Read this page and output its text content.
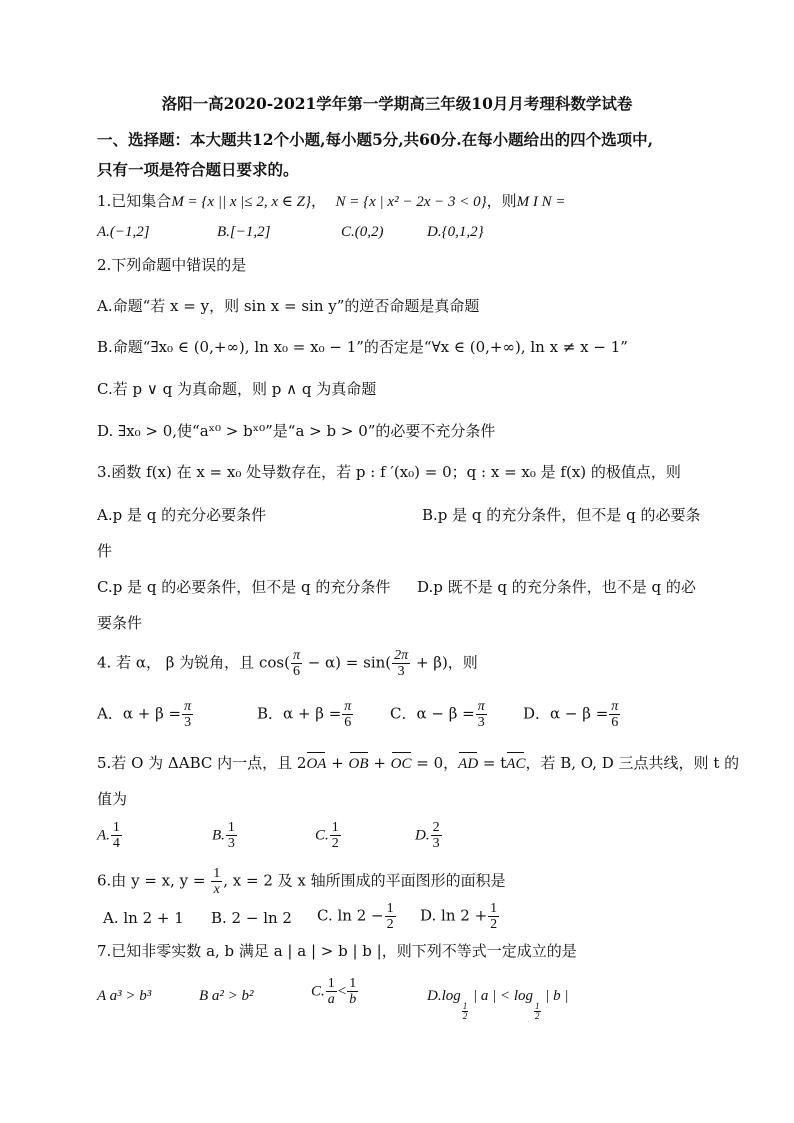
洛阳一高2020-2021学年第一学期高三年级10月月考理科数学试卷
一、选择题：本大题共12个小题,每小题5分,共60分.在每小题给出的四个选项中,
只有一项是符合题日要求的。
1.已知集合M = {x || x |≤ 2, x ∈ Z}， N = {x | x² − 2x − 3 < 0}，则M I N =
A.(−1,2]	B.[−1,2]	C.(0,2)	D.{0,1,2}
2.下列命题中错误的是
A.命题“若 x = y，则 sin x = sin y”的逆否命题是真命题
B.命题“∃x₀ ∈ (0,+∞), ln x₀ = x₀ − 1”的否定是“∀x ∈ (0,+∞), ln x ≠ x − 1”
C.若 p ∨ q 为真命题，则 p ∧ q 为真命题
D. ∃x₀ > 0,使“aˣ⁰ > bˣ⁰”是“a > b > 0”的必要不充分条件
3.函数 f(x) 在 x = x₀ 处导数存在，若 p : f ′(x₀) = 0；q : x = x₀ 是 f(x) 的极值点，则
A.p 是 q 的充分必要条件	B.p 是 q 的充分条件，但不是 q 的必要条
件
C.p 是 q 的必要条件，但不是 q 的充分条件 D.p 既不是 q 的充分条件，也不是 q 的必
要条件
4. 若 α， β 为锐角，且 $\cos( \frac{\pi}{6} - \alpha) = \sin( \frac{2\pi}{3} + \beta)$，则
A．$\alpha + \beta = \frac{\pi}{3}$	B．$\alpha + \beta = \frac{\pi}{6}$ C．$\alpha - \beta = \frac{\pi}{3}$ D．$\alpha - \beta = \frac{\pi}{6}$
5.若 O 为 ΔABC 内一点，且 2OA + OB + OC = 0，AD = tAC，若 B, O, D 三点共线，则 t 的
值为
A. $\frac{1}{4}$	B. $\frac{1}{3}$	C. $\frac{1}{2}$	D. $\frac{2}{3}$
6.由 y = x, $y = \frac{1}{x}$ , x = 2 及 x 轴所围成的平面图形的面积是
A. ln 2 + 1 B. 2 − ln 2 C. $\ln 2 - \frac{1}{2} D$. $\ln 2 + \frac{1}{2}$
7.已知非零实数 a, b 满足 a | a | > b | b |，则下列不等式一定成立的是
A a³ > b³	B a² > b²	C. $\frac{1}{a} < \frac{1}{b}$	D.log
$\frac{1}{2}$
| a | < log
$\frac{1}{2}$
| b |
